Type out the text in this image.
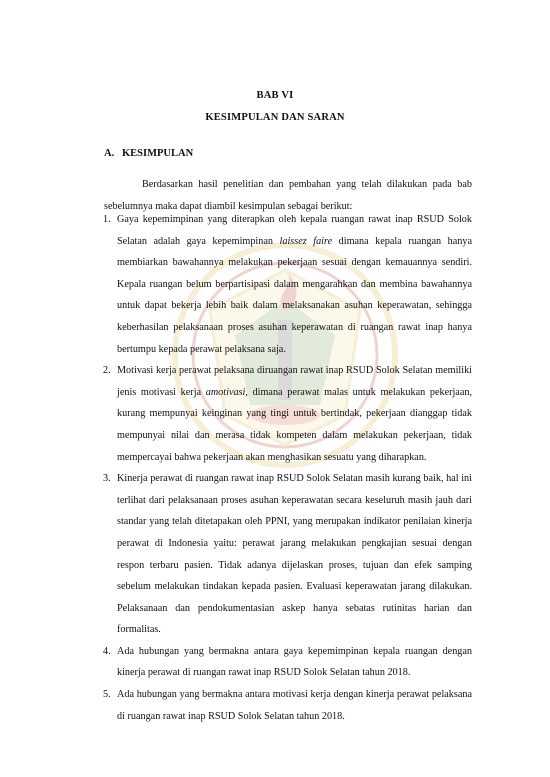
BAB VI
KESIMPULAN DAN SARAN
A. KESIMPULAN

Berdasarkan hasil penelitian dan pembahan yang telah dilakukan pada bab sebelumnya maka dapat diambil kesimpulan sebagai berikut:

1. Gaya kepemimpinan yang diterapkan oleh kepala ruangan rawat inap RSUD Solok Selatan adalah gaya kepemimpinan laissez faire dimana kepala ruangan hanya membiarkan bawahannya melakukan pekerjaan sesuai dengan kemauannya sendiri. Kepala ruangan belum berpartisipasi dalam mengarahkan dan membina bawahannya untuk dapat bekerja lebih baik dalam melaksanakan asuhan keperawatan, sehingga keberhasilan pelaksanaan proses asuhan keperawatan di ruangan rawat inap hanya bertumpu kepada perawat pelaksana saja.
2. Motivasi kerja perawat pelaksana diruangan rawat inap RSUD Solok Selatan memiliki jenis motivasi kerja amotivasi, dimana perawat malas untuk melakukan pekerjaan, kurang mempunyai keinginan yang tingi untuk bertindak, pekerjaan dianggap tidak mempunyai nilai dan merasa tidak kompeten dalam melakukan pekerjaan, tidak mempercayai bahwa pekerjaan akan menghasikan sesuatu yang diharapkan.
3. Kinerja perawat di ruangan rawat inap RSUD Solok Selatan masih kurang baik, hal ini terlihat dari pelaksanaan proses asuhan keperawatan secara keseluruh masih jauh dari standar yang telah ditetapakan oleh PPNI, yang merupakan indikator penilaian kinerja perawat di Indonesia yaitu: perawat jarang melakukan pengkajian sesuai dengan respon terbaru pasien. Tidak adanya dijelaskan proses, tujuan dan efek samping sebelum melakukan tindakan kepada pasien. Evaluasi keperawatan jarang dilakukan. Pelaksanaan dan pendokumentasian askep hanya sebatas rutinitas harian dan formalitas.
4. Ada hubungan yang bermakna antara gaya kepemimpinan kepala ruangan dengan kinerja perawat di ruangan rawat inap RSUD Solok Selatan tahun 2018.
5. Ada hubungan yang bermakna antara motivasi kerja dengan kinerja perawat pelaksana di ruangan rawat inap RSUD Solok Selatan tahun 2018.
